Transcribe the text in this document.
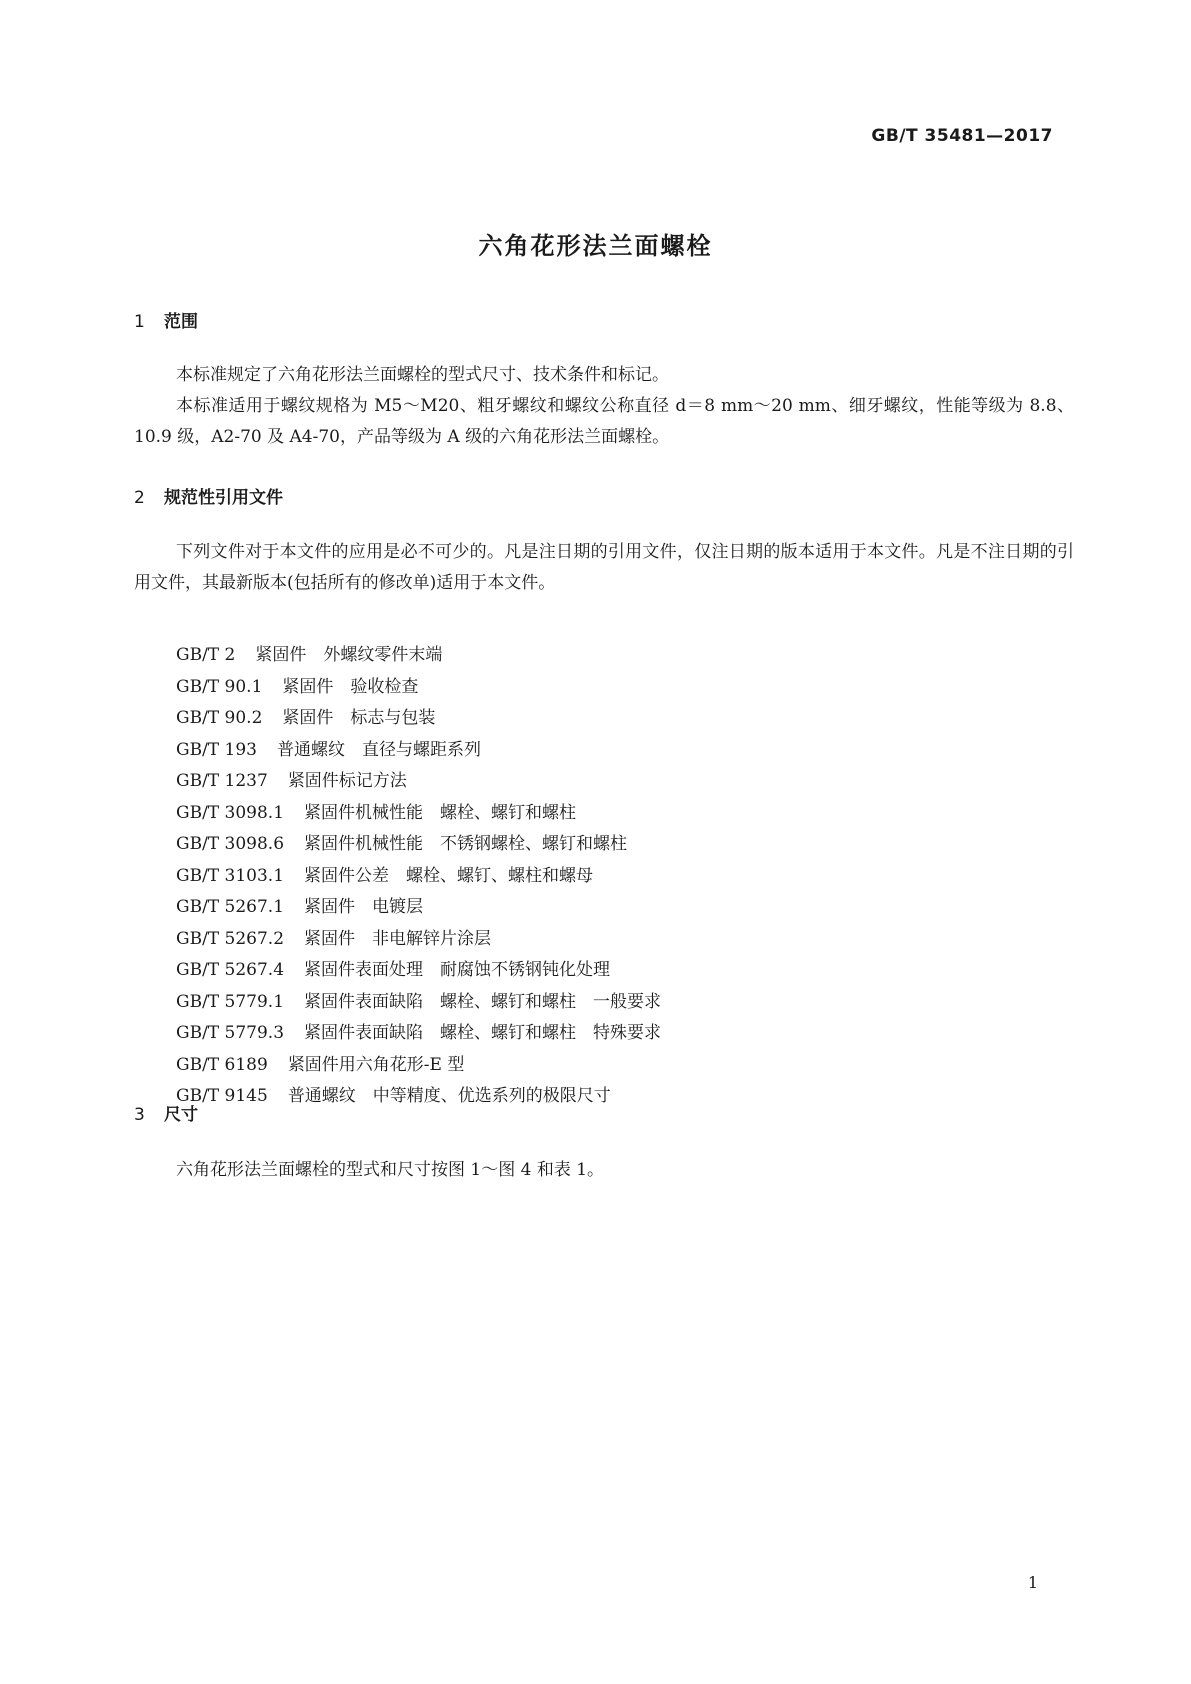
GB/T 35481—2017
六角花形法兰面螺栓
1 范围
本标准规定了六角花形法兰面螺栓的型式尺寸、技术条件和标记。
本标准适用于螺纹规格为 M5～M20、粗牙螺纹和螺纹公称直径 d＝8 mm～20 mm、细牙螺纹，性能等级为 8.8、10.9 级，A2-70 及 A4-70，产品等级为 A 级的六角花形法兰面螺栓。
2 规范性引用文件
下列文件对于本文件的应用是必不可少的。凡是注日期的引用文件，仅注日期的版本适用于本文件。凡是不注日期的引用文件，其最新版本(包括所有的修改单)适用于本文件。
GB/T 2 紧固件　外螺纹零件末端
GB/T 90.1 紧固件　验收检查
GB/T 90.2 紧固件　标志与包装
GB/T 193 普通螺纹　直径与螺距系列
GB/T 1237 紧固件标记方法
GB/T 3098.1 紧固件机械性能　螺栓、螺钉和螺柱
GB/T 3098.6 紧固件机械性能　不锈钢螺栓、螺钉和螺柱
GB/T 3103.1 紧固件公差　螺栓、螺钉、螺柱和螺母
GB/T 5267.1 紧固件　电镀层
GB/T 5267.2 紧固件　非电解锌片涂层
GB/T 5267.4 紧固件表面处理　耐腐蚀不锈钢钝化处理
GB/T 5779.1 紧固件表面缺陷　螺栓、螺钉和螺柱　一般要求
GB/T 5779.3 紧固件表面缺陷　螺栓、螺钉和螺柱　特殊要求
GB/T 6189 紧固件用六角花形-E 型
GB/T 9145 普通螺纹　中等精度、优选系列的极限尺寸
3 尺寸
六角花形法兰面螺栓的型式和尺寸按图 1～图 4 和表 1。
1
